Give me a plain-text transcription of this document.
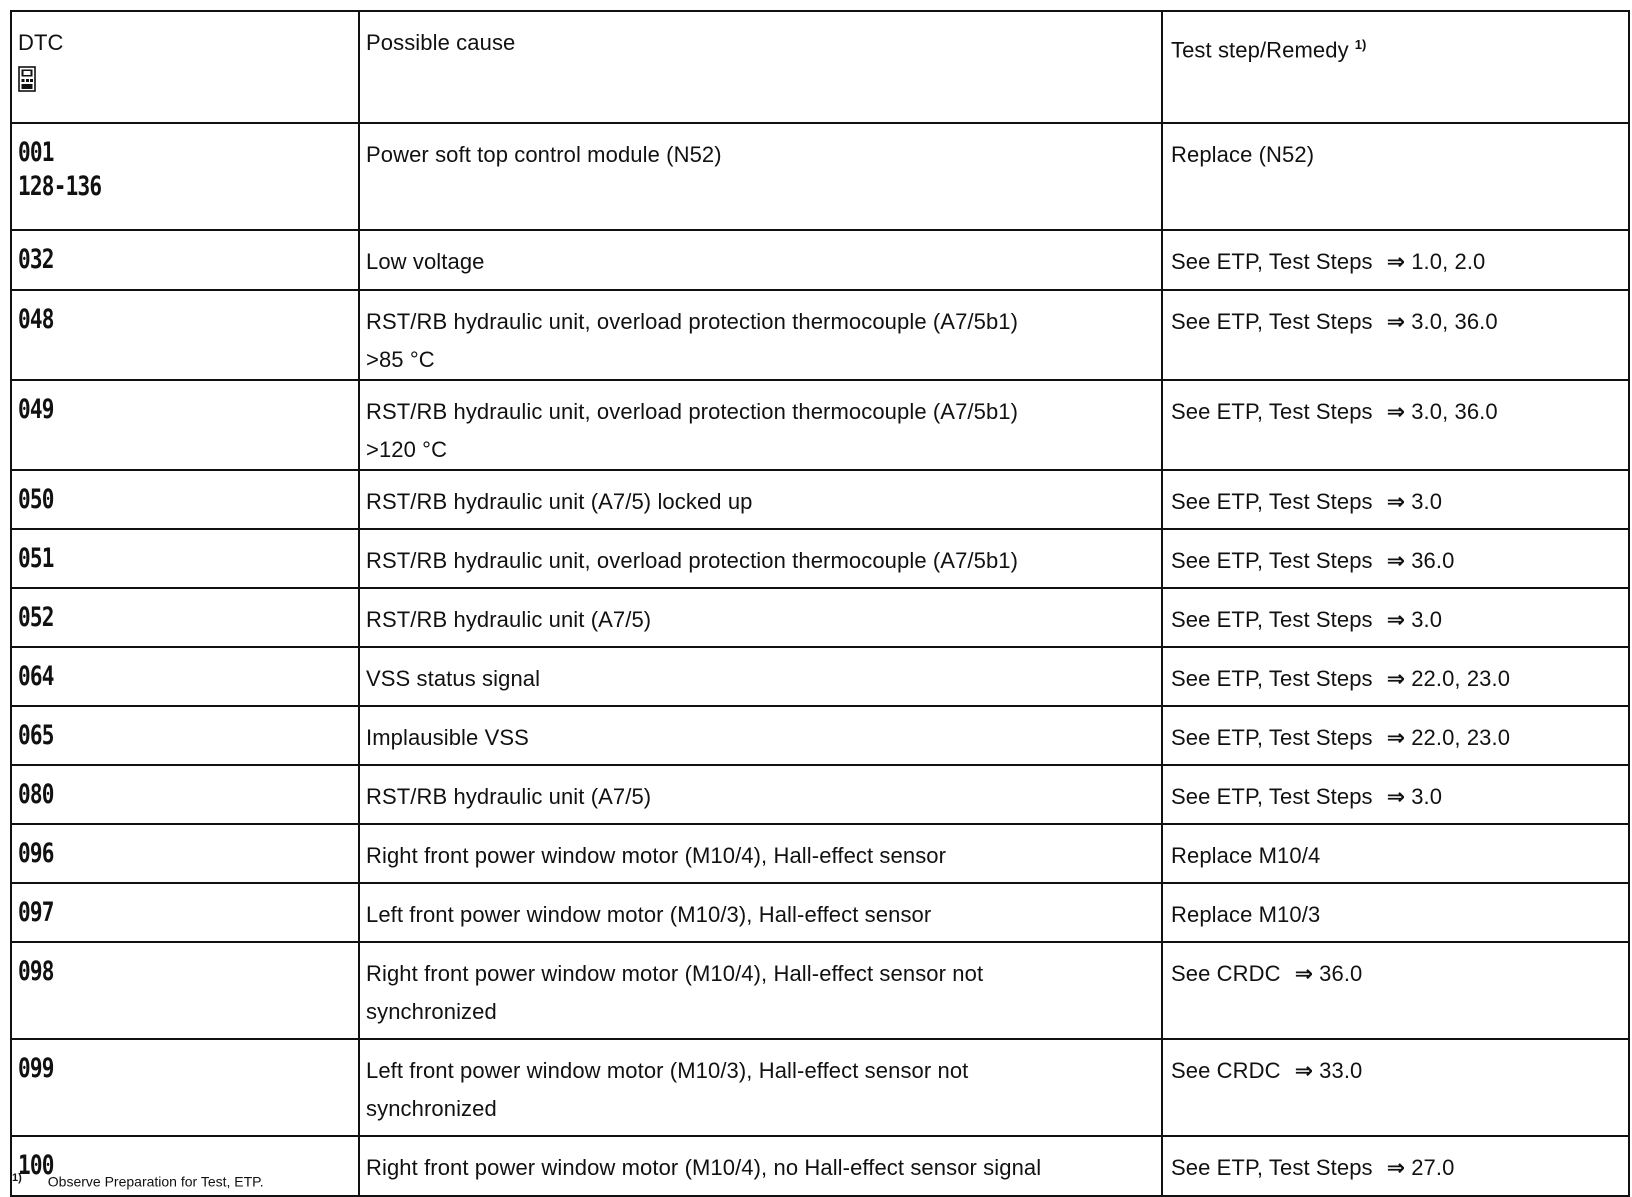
DTC	Possible cause	Test step/Remedy $^{1)}$

001
128-136	Power soft top control module (N52)	Replace (N52)

032	Low voltage	See ETP, Test Steps ⇒ 1.0, 2.0

048	RST/RB hydraulic unit, overload protection thermocouple (A7/5b1) >85 °C	See ETP, Test Steps ⇒ 3.0, 36.0

049	RST/RB hydraulic unit, overload protection thermocouple (A7/5b1) >120 °C	See ETP, Test Steps ⇒ 3.0, 36.0

050	RST/RB hydraulic unit (A7/5) locked up	See ETP, Test Steps ⇒ 3.0

051	RST/RB hydraulic unit, overload protection thermocouple (A7/5b1)	See ETP, Test Steps ⇒ 36.0

052	RST/RB hydraulic unit (A7/5)	See ETP, Test Steps ⇒ 3.0

064	VSS status signal	See ETP, Test Steps ⇒ 22.0, 23.0

065	Implausible VSS	See ETP, Test Steps ⇒ 22.0, 23.0

080	RST/RB hydraulic unit (A7/5)	See ETP, Test Steps ⇒ 3.0

096	Right front power window motor (M10/4), Hall-effect sensor	Replace M10/4

097	Left front power window motor (M10/3), Hall-effect sensor	Replace M10/3

098	Right front power window motor (M10/4), Hall-effect sensor not synchronized	See CRDC ⇒ 36.0

099	Left front power window motor (M10/3), Hall-effect sensor not synchronized	See CRDC ⇒ 33.0

100	Right front power window motor (M10/4), no Hall-effect sensor signal	See ETP, Test Steps ⇒ 27.0
$^{1)}$ Observe Preparation for Test, ETP.
